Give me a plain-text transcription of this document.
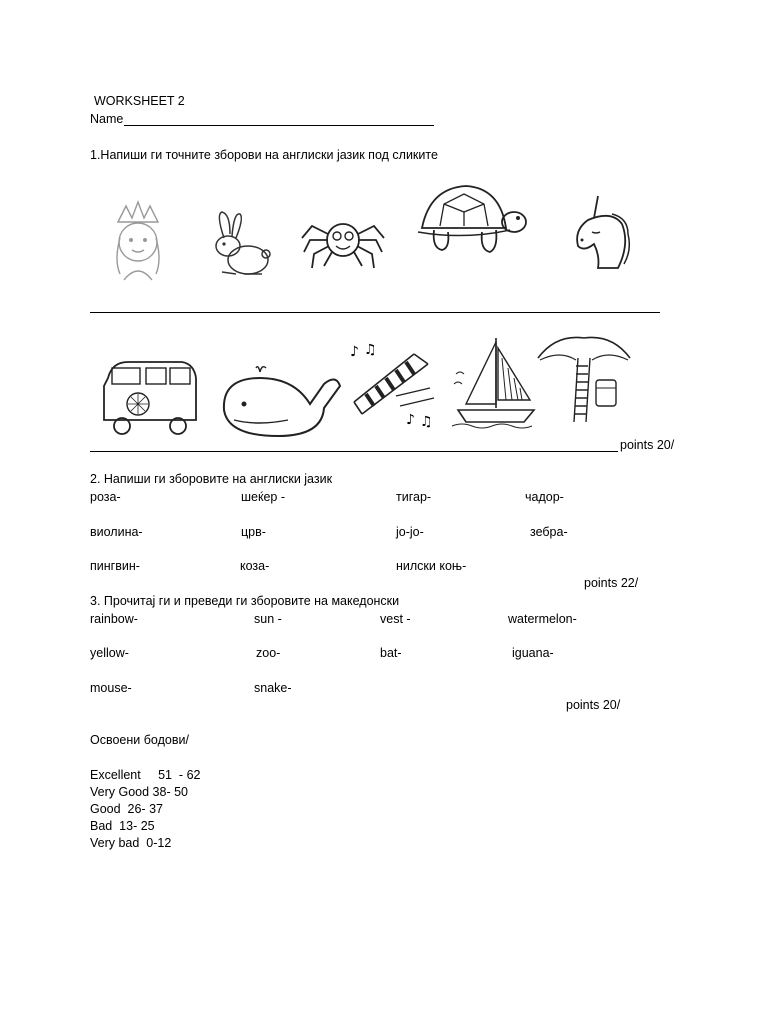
WORKSHEET 2
Name
1.Напиши ги точните зборови на англиски јазик под сликите
♪ ♫
♪ ♫
points 20/
2. Напиши ги зборовите на англиски јазик
роза-	шеќер -	тигар-	чадор-
виолина-	црв-	jo-jo-	зебра-
пингвин-	коза-	нилски коњ-
points 22/
3. Прочитај ги и преведи ги зборовите на македонски
rainbow-	sun -	vest -	watermelon-
yellow-	zoo-	bat-	iguana-
mouse-	snake-
points 20/
Освоени бодови/
Excellent     51  - 62
Very Good 38- 50
Good  26- 37
Bad  13- 25
Very bad  0-12
